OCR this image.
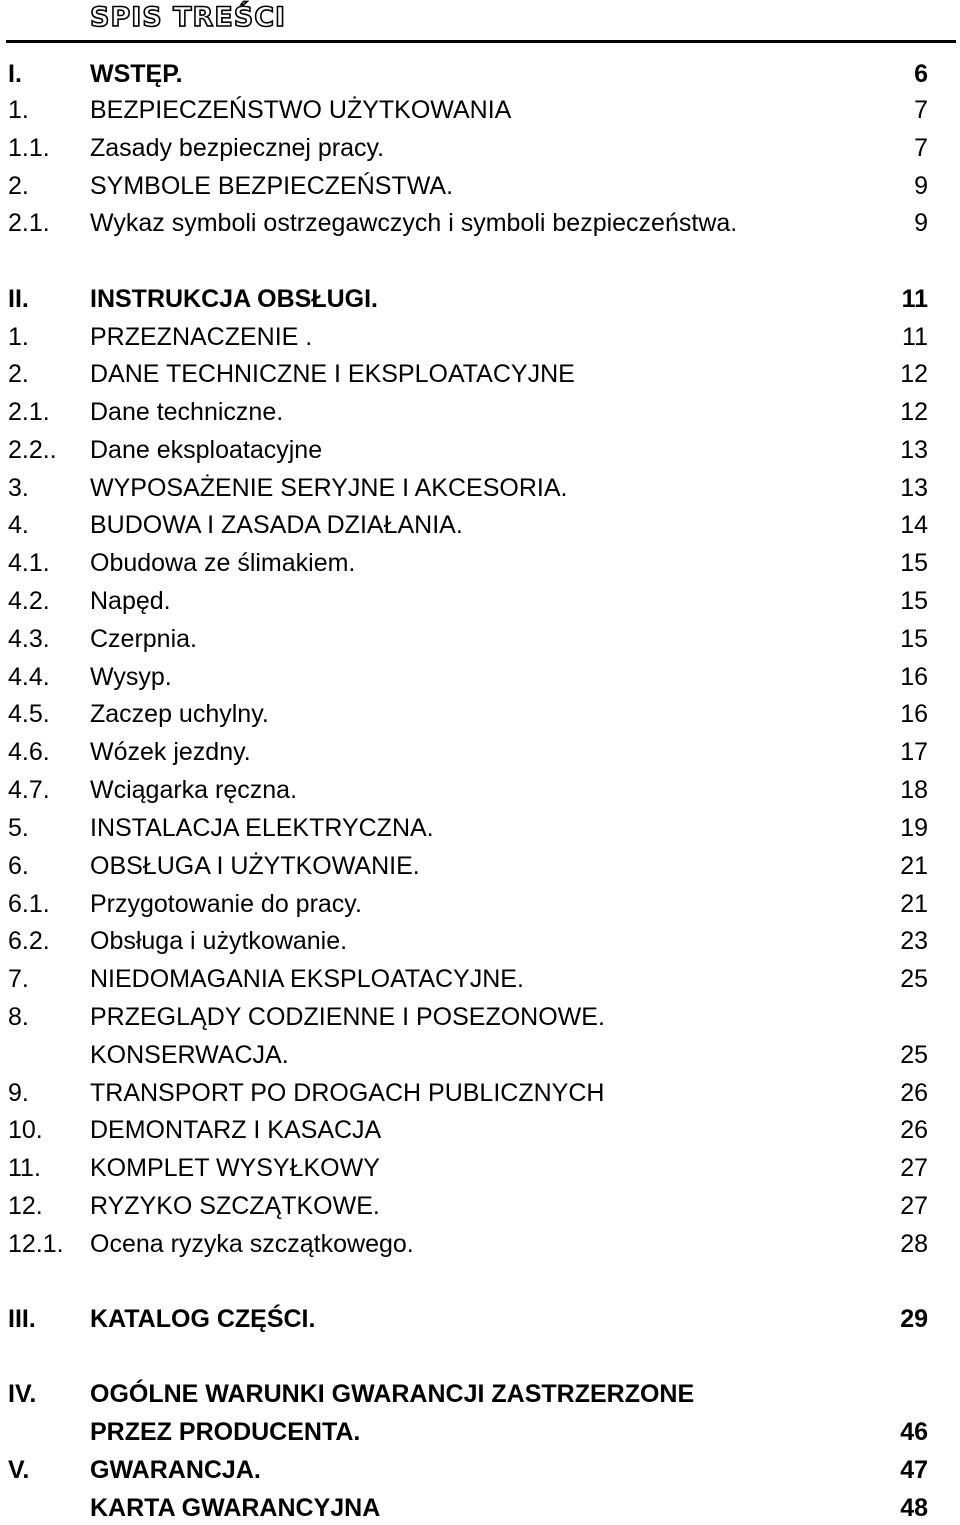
SPIS TREŚCI
I.	WSTĘP.	6
1. BEZPIECZEŃSTWO UŻYTKOWANIA	7
1.1. Zasady bezpiecznej pracy.	7
2. SYMBOLE BEZPIECZEŃSTWA.	9
2.1. Wykaz symboli ostrzegawczych i symboli bezpieczeństwa.	9
II. INSTRUKCJA OBSŁUGI.	11
1. PRZEZNACZENIE .	11
2. DANE TECHNICZNE I EKSPLOATACYJNE	12
2.1. Dane techniczne.	12
2.2.. Dane eksploatacyjne	13
3. WYPOSAŻENIE SERYJNE I AKCESORIA.	13
4. BUDOWA I ZASADA DZIAŁANIA.	14
4.1. Obudowa ze ślimakiem.	15
4.2. Napęd.	15
4.3. Czerpnia.	15
4.4. Wysyp.	16
4.5. Zaczep uchylny.	16
4.6. Wózek jezdny.	17
4.7. Wciągarka ręczna.	18
5. INSTALACJA ELEKTRYCZNA.	19
6. OBSŁUGA I UŻYTKOWANIE.	21
6.1. Przygotowanie do pracy.	21
6.2. Obsługa i użytkowanie.	23
7. NIEDOMAGANIA EKSPLOATACYJNE.	25
8. PRZEGLĄDY CODZIENNE I POSEZONOWE.
KONSERWACJA.	25
9. TRANSPORT PO DROGACH PUBLICZNYCH	26
10. DEMONTARZ I KASACJA	26
11. KOMPLET WYSYŁKOWY	27
12. RYZYKO SZCZĄTKOWE.	27
12.1. Ocena ryzyka szczątkowego.	28
III. KATALOG CZĘŚCI.	29
IV. OGÓLNE WARUNKI GWARANCJI ZASTRZERZONE
PRZEZ PRODUCENTA.	46
V. GWARANCJA.	47
KARTA GWARANCYJNA	48
